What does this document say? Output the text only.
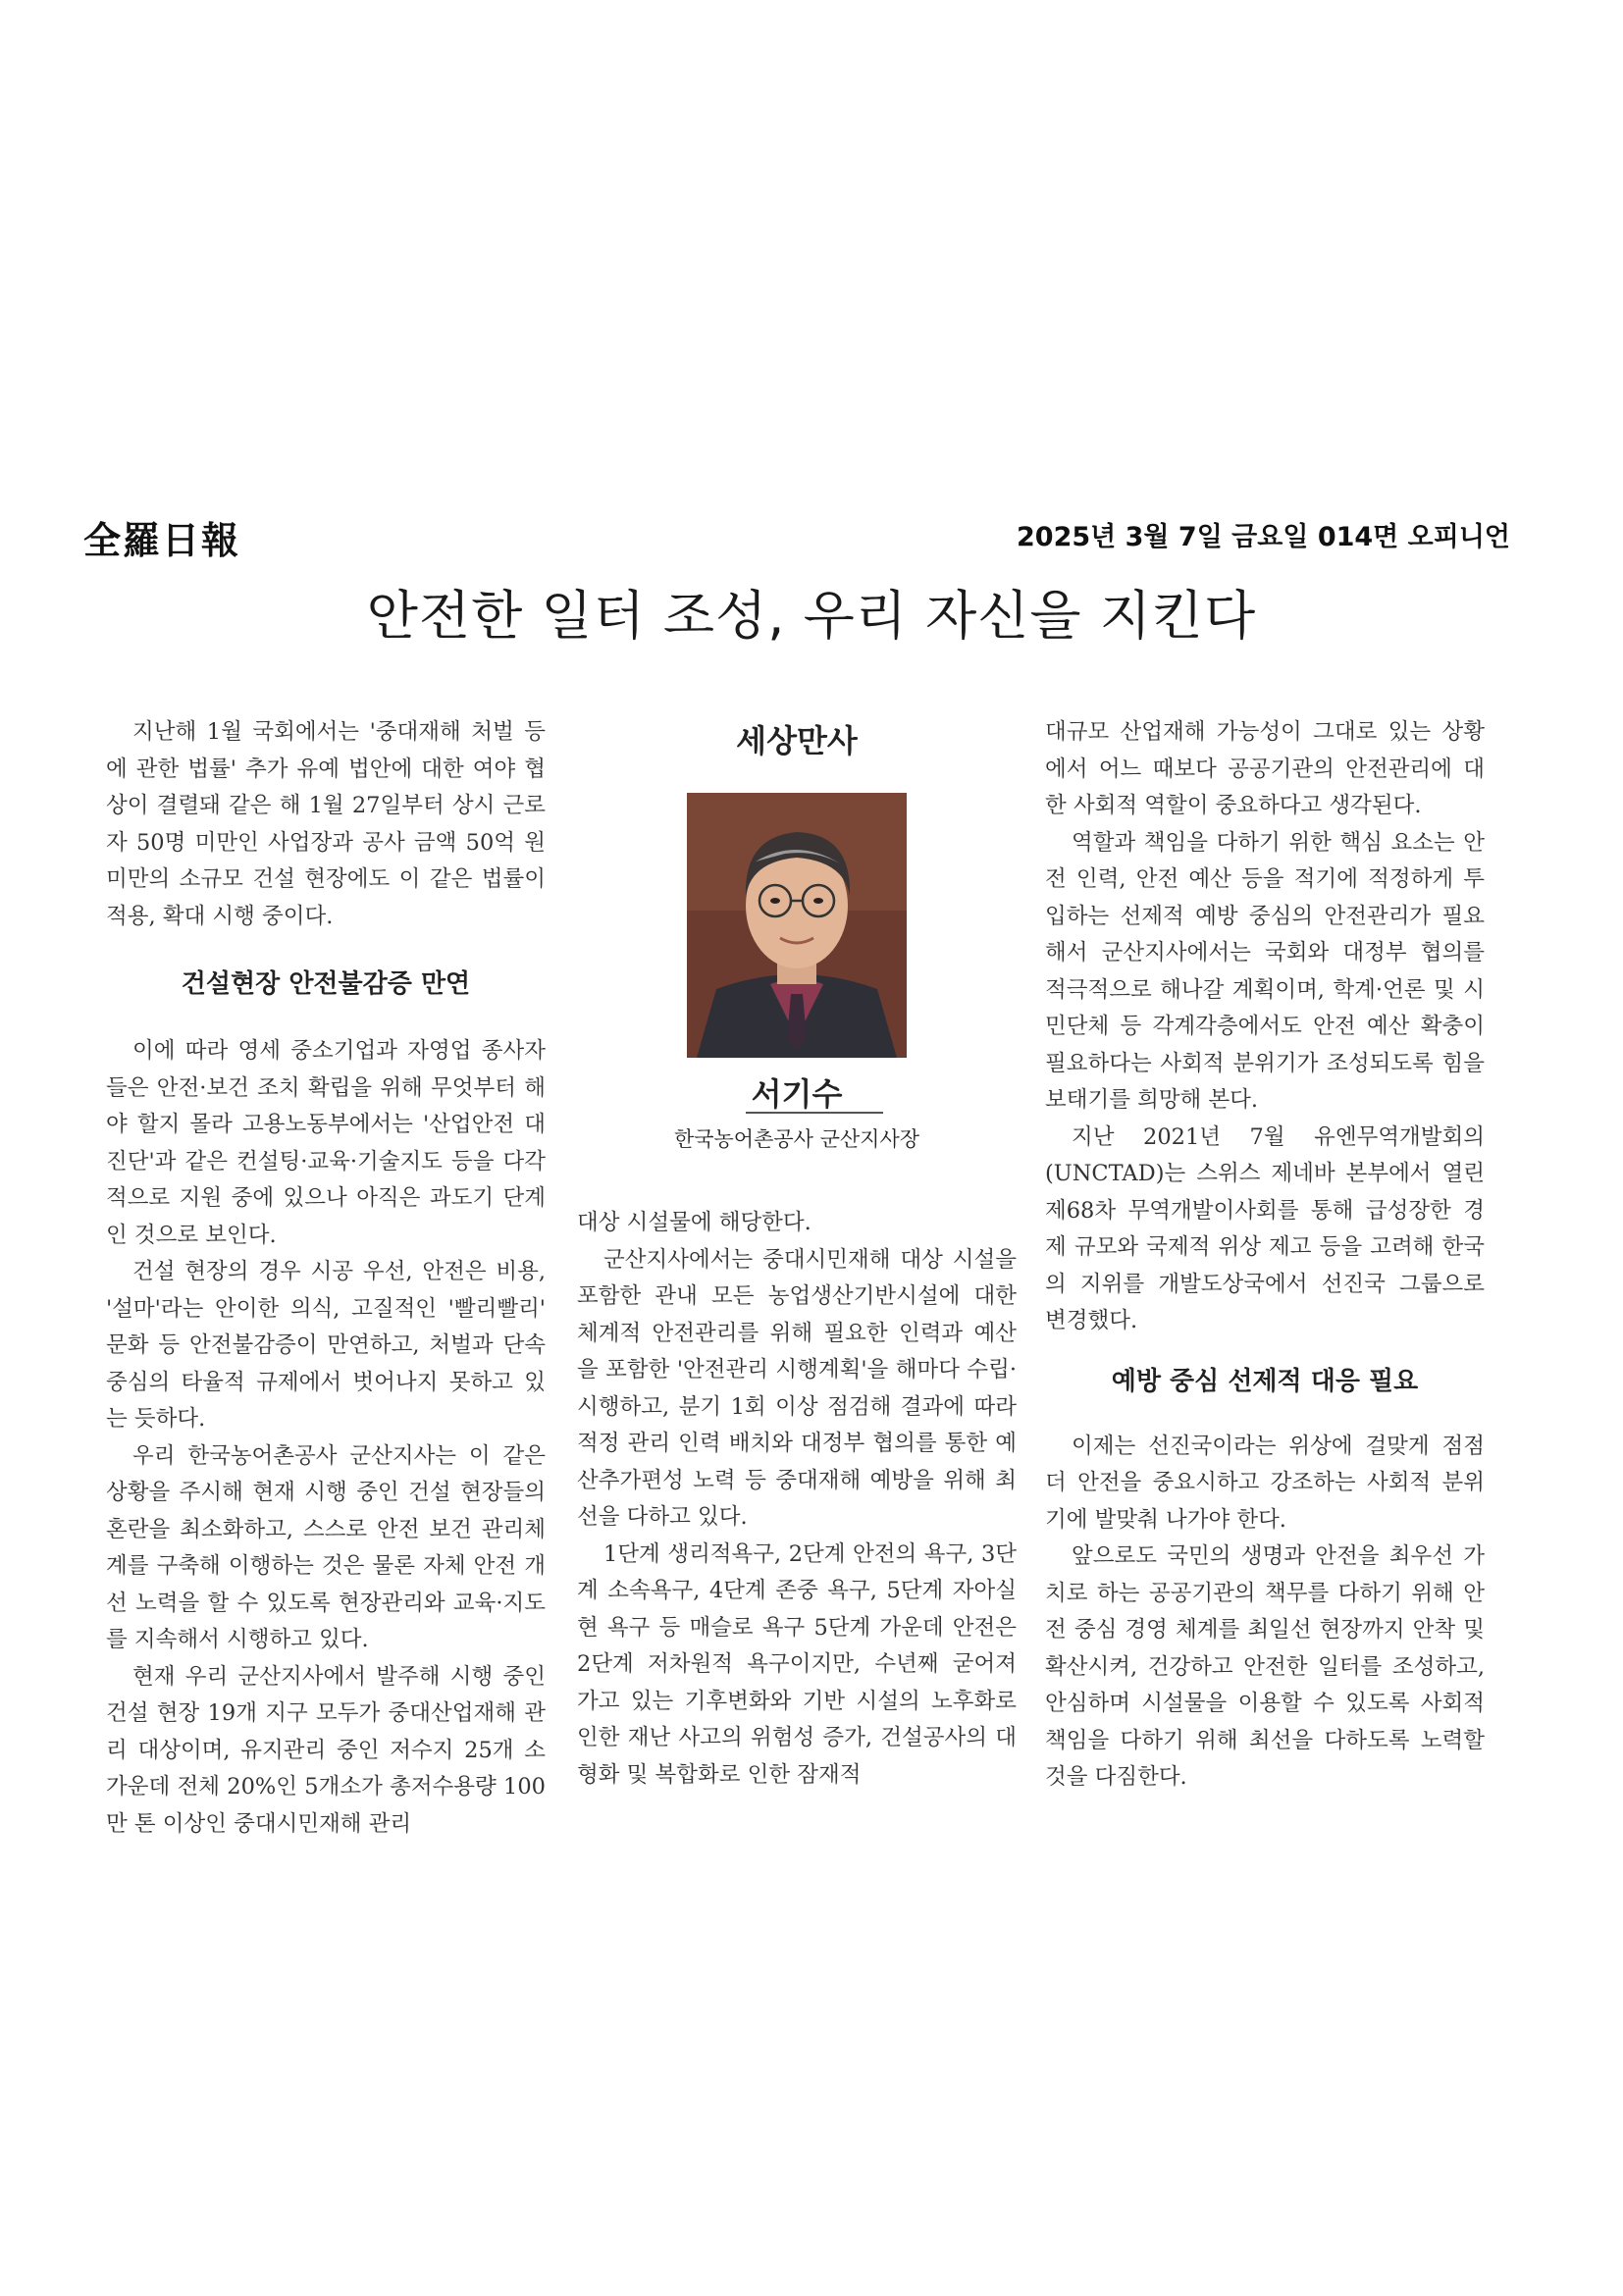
全羅日報	2025년 3월 7일 금요일 014면 오피니언
안전한 일터 조성, 우리 자신을 지킨다

지난해 1월 국회에서는 '중대재해 처벌 등에 관한 법률' 추가 유예 법안에 대한 여야 협상이 결렬돼 같은 해 1월 27일부터 상시 근로자 50명 미만인 사업장과 공사 금액 50억 원 미만의 소규모 건설 현장에도 이 같은 법률이 적용, 확대 시행 중이다.

건설현장 안전불감증 만연

이에 따라 영세 중소기업과 자영업 종사자들은 안전·보건 조치 확립을 위해 무엇부터 해야 할지 몰라 고용노동부에서는 '산업안전 대진단'과 같은 컨설팅·교육·기술지도 등을 다각적으로 지원 중에 있으나 아직은 과도기 단계인 것으로 보인다.

건설 현장의 경우 시공 우선, 안전은 비용, '설마'라는 안이한 의식, 고질적인 '빨리빨리' 문화 등 안전불감증이 만연하고, 처벌과 단속 중심의 타율적 규제에서 벗어나지 못하고 있는 듯하다.

우리 한국농어촌공사 군산지사는 이 같은 상황을 주시해 현재 시행 중인 건설 현장들의 혼란을 최소화하고, 스스로 안전 보건 관리체계를 구축해 이행하는 것은 물론 자체 안전 개선 노력을 할 수 있도록 현장관리와 교육·지도를 지속해서 시행하고 있다.

현재 우리 군산지사에서 발주해 시행 중인 건설 현장 19개 지구 모두가 중대산업재해 관리 대상이며, 유지관리 중인 저수지 25개 소 가운데 전체 20%인 5개소가 총저수용량 100만 톤 이상인 중대시민재해 관리

세상만사
서기수
한국농어촌공사 군산지사장

대상 시설물에 해당한다.

군산지사에서는 중대시민재해 대상 시설을 포함한 관내 모든 농업생산기반시설에 대한 체계적 안전관리를 위해 필요한 인력과 예산을 포함한 '안전관리 시행계획'을 해마다 수립·시행하고, 분기 1회 이상 점검해 결과에 따라 적정 관리 인력 배치와 대정부 협의를 통한 예산추가편성 노력 등 중대재해 예방을 위해 최선을 다하고 있다.

1단계 생리적욕구, 2단계 안전의 욕구, 3단계 소속욕구, 4단계 존중 욕구, 5단계 자아실현 욕구 등 매슬로 욕구 5단계 가운데 안전은 2단계 저차원적 욕구이지만, 수년째 굳어져 가고 있는 기후변화와 기반 시설의 노후화로 인한 재난 사고의 위험성 증가, 건설공사의 대형화 및 복합화로 인한 잠재적

대규모 산업재해 가능성이 그대로 있는 상황에서 어느 때보다 공공기관의 안전관리에 대한 사회적 역할이 중요하다고 생각된다.

역할과 책임을 다하기 위한 핵심 요소는 안전 인력, 안전 예산 등을 적기에 적정하게 투입하는 선제적 예방 중심의 안전관리가 필요해서 군산지사에서는 국회와 대정부 협의를 적극적으로 해나갈 계획이며, 학계·언론 및 시민단체 등 각계각층에서도 안전 예산 확충이 필요하다는 사회적 분위기가 조성되도록 힘을 보태기를 희망해 본다.

지난 2021년 7월 유엔무역개발회의(UNCTAD)는 스위스 제네바 본부에서 열린 제68차 무역개발이사회를 통해 급성장한 경제 규모와 국제적 위상 제고 등을 고려해 한국의 지위를 개발도상국에서 선진국 그룹으로 변경했다.

예방 중심 선제적 대응 필요

이제는 선진국이라는 위상에 걸맞게 점점 더 안전을 중요시하고 강조하는 사회적 분위기에 발맞춰 나가야 한다.

앞으로도 국민의 생명과 안전을 최우선 가치로 하는 공공기관의 책무를 다하기 위해 안전 중심 경영 체계를 최일선 현장까지 안착 및 확산시켜, 건강하고 안전한 일터를 조성하고, 안심하며 시설물을 이용할 수 있도록 사회적 책임을 다하기 위해 최선을 다하도록 노력할 것을 다짐한다.
